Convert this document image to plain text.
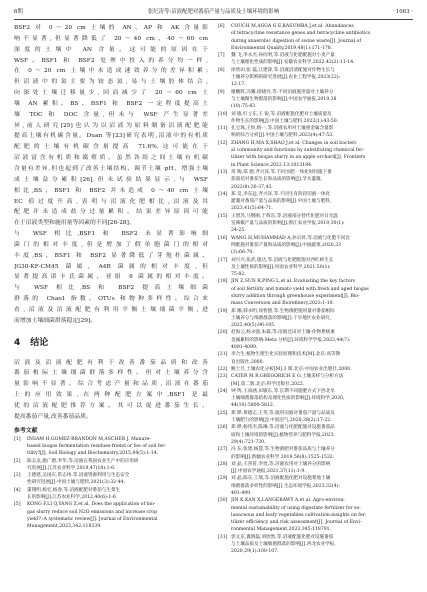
6期	张纪涛等:沼液配肥对番茄产量与品质及土壤环境的影响	· 1063 ·

BSF2 对 0～20 cm 土壤的 AN、AP 和 AK 含量影
响不显著,但显著降低了 20～40 cm、40～60 cm
深度的土壤中 AN 含量。这可能的原因在于
WSF、BSF1 和 BSF2 处理中投入的养分均一样,
在 0～20 cm 土壤中未造成速效养分的差异积累;
但沼液中的氮主要为铵态氮,易与土壤胶体结合,
向深处土壤迁移量少,因而减少了 20～60 cm 土
壤 AN 累积。BS、BSF1 和 BSF2 一定程度提高土
壤 TOC 和 DOC 含量,但未与 WSF 产生显著差
异,前人研究[25]也认为以沼液为原料制备沼液配肥能
提高土壤有机碳含量。Duan 等[23]研究表明,沼液中的有机质
配肥的土壤有机碳含量提高 71.6%,这可能在于
沼液富含有机质和腐殖质。虽然各组之间土壤有机碳
含量有差异,但也起到了改善土壤结构、调节土壤 pH、增强土壤
成土壤益分累积[26],但未试验结果显示,与 WSF
相比,BS、BSF1 和 BSF2 并未造成 0～40 cm 土壤
EC 值过度升高,表明与沼液化肥相比,沼液及其
配肥并未造成盐分过量累积。结果差异原因可能
在于沼液类型和施用量等因素的不同[26-28]。

与 WSF 相比,BSF1 和 BSF2 未显著影响细
菌门的相对丰度,但是增加了假单胞菌门的相对
丰度,BS、BSF1 和 BSF2 显著降低了芽孢杆菌属、
JG30-KF-CM45 菌属、A4B 菌属的相对丰度,但
显著提高诺卡氏菌属、亚组 6 菌属的相对丰度。
与 WSF 相比,BS 和 BSF2 提高土壤细菌
群落的 Chao1 指数、OTUs 和物种多样性。综合来
看,沼液及沼液配肥有利用平衡土壤细菌平衡,进
而增加土壤细菌群落稳定[29]。

4 结论

沼液及沼液配肥有利于改善番茄品质和改善
番茄根际土壤细菌群落多样性。但对土壤养分含
量影响不显著。综合考虑产量和品质,沼液在番茄
上的应用效果,在两种配肥方案中,BSF1 是最
优的沼液配肥推荐方案。其可以促进番茄生长、
提高番茄产量,改善番茄品质。

参考文献
[1]	INSAM H,GOMEZ-BRANDON M,ASCHER J. Manure-
based biogas fermentation residues-friend or foe of soil fer-
tility?[J]. Soil Biology and Biochemistry,2015,84(5):1-14.
[2]	陈志龙,施广德,李华,等.沼液在我国农业生产中的应用研
究进展[J].江苏农业科学,2019,47(18):1-6.
[3]	王德建,吴国庆,常志州,等.沼液资源利用与生态安全
性研究进展[J].中国土壤与肥料,2021(3):32-44.
[4]	董翔明,杨宏,杨春,等.沼液配肥对番茄与生菜生
长的影响[J].江苏农业科学,2012,40(6):1-6.
[5]	KONG F,LI Q,YANG Z,et al. Does the application of bio-
gas slurry reduce soil N2O emissions and increase crop
yield? :A systematic review[J]. Journal of Environmental
Management,2023,342:118339.
[6]	COUCH M,AGGA G E,KASUMBA J,et al. Abundances
of tetracycline resistance genes and tetracycline antibiotics
during anaerobic digestion of swine waste[J]. Journal of
Environmental Quality,2019,48(1):171-178.
[7]	魏 飞,李永杰,孙衍明,等.沼液与化肥配施对小麦产量
与土壤理化性质的影响[J].安徽农业科学,2022,42(2):11-14.
[8]	徐欣田,张 磊,江建锋,等.沼液沼渣配施对作物生长与
土壤养分影响的研究进展[J].农业工程学报,2023(22):
12-17.
[9]	谢鹏辉,冯耀,徐晓玲,等.不同沼液施用量对土壤养分
与土壤微生物群落的影响[J].中国农学通报,2019,38
(10):75-83.
[10] 刘 敏,红立东,王 锐,等.沼液配施化肥对土壤质量及
作物生长的影响[J].中国土壤与肥料,2022(1):43-50.
[11] 孔宝珠,王恒,杨一,等.沼液农用对土壤重金属含量影
响的综合分析[J].中国土壤与肥料,2023(4):47-53.
[12] ZHANG H,MA X,SHAO J,et al. Changes in soil bacteri-
al community and functions by substituting chemical fer-
tilizer with biogas slurry in an apple orchard[J]. Frontiers
in Plant Science,2022,13:1013184.
[13] 常 陶,郑 德,齐兴泽,等.不同水肥一体化时间施下番
茄栽培对番茄生长和品质的影响[J].节水灌溉,
2022(8):30-37,43.
[14] 郑 昊,李东远,齐兴泽,等.不同生育阶段沼液一体化
灌溉对番茄产量与品质的影响[J].中国土壤与肥料,
2023,41(5):64-71.
[15] 王增苏,马继刚,于辉东,等.沼液部分替代化肥对日光温
室辣椒产量与品质的影响[J].浙江农业学报,2019,30(1):
24-25.
[16] WANG H,MUHAMMAD A,孙宗祥,等.沼液与化肥不同比
例配施对番茄产量和品质的影响[J].中国蔬菜,2020,33
(3):66-70.
[17] 刘兴兴,张武,施达,等.沼液与化肥配施对西红柿生长
及土壤性质的影响[J].河南农业科学,2021,50(1):
75-82.
[18] JIN Z,SUN R,PING L,et al. Evaluating the key factors
of soil fertility and tomato yield with fresh and aged biogas
slurry addition through greenhouse experiment[J]. Bio-
mass Conversion and Biorefinery,2023:1-10.
[19] 郑 娜,韩永明,徐智德,等.生物菌肥施用量对番茄根际
土壤养分与细菌群落的影响[J].干旱地区农业研究,
2022,40(5):96-105.
[20] 赵海云,杨永强,朱霖,等.沼液还田对土壤-作物系统重
金属累积的影响:Meta 分析[J].环境科学学报,2023,44(7):
4091-4099.
[21] 李合生.植物生理生化实验原理和技术[M].北京:高等教
育出版社,2000.
[22] 鲍士旦.土壤农化分析[M].3 版.北京:中国农业出版社,2000.
[23] CATER M R,GREGORICH E G.土壤采样与分析方法
[M].第二版.北京:科学出版社,2022.
[24] 钟 鸣,王雨涵,田敏东,等.长期不同施肥方式下西北旱
土壤细菌群落结构及理化性质的影响[J].环境科学,2020,
44(10):5800-5812.
[25] 郑 晔,黄德志,王英,等.施用沼液对番茄产量与品质及
土壤肥力的影响[J].中国沼气,2020,38(2):17-22.
[26] 郑 晔,杨伟杰,陈琳,等.沼液与化肥配施对设施番茄品
质和土壤环境的影响[J].植物营养与肥料学报,2023,
29(4):721-730.
[27] 冯 东,张建,杨慧,等.生物菌肥对番茄品质与土壤养分
的影响[J].新疆农业科学,2019,56(8):1525-1532.
[28] 刘 晶,王喜苗,李贵,等.沼液农用对土壤养分的影响
[J].中国农学通报,2021,37(11):1-9.
[29] 刘 晶,陈东,王瑞,等.沼液配施化肥对设施菜地土壤
细菌群落多样性的影响[J].生态环境学报,2023,32(4):
491-499.
[30] JIN K,KAN X,LANGEBAWY A,et al. Agro-environ-
mental sustainability of using digestate fertilizer for so-
lanaceous and leafy vegetables cultivation:insights on fer-
tilizer efficiency and risk assessment[J]. Journal of Envi-
ronmental Management,2023,345:118791.
[31] 郭文京,冀晓磊,刘欣然,等.沼液配施化肥对设施番茄
与土壤品质及土壤细菌群落的影响[J].西北农业学报,
2020,29(1):100-107.
